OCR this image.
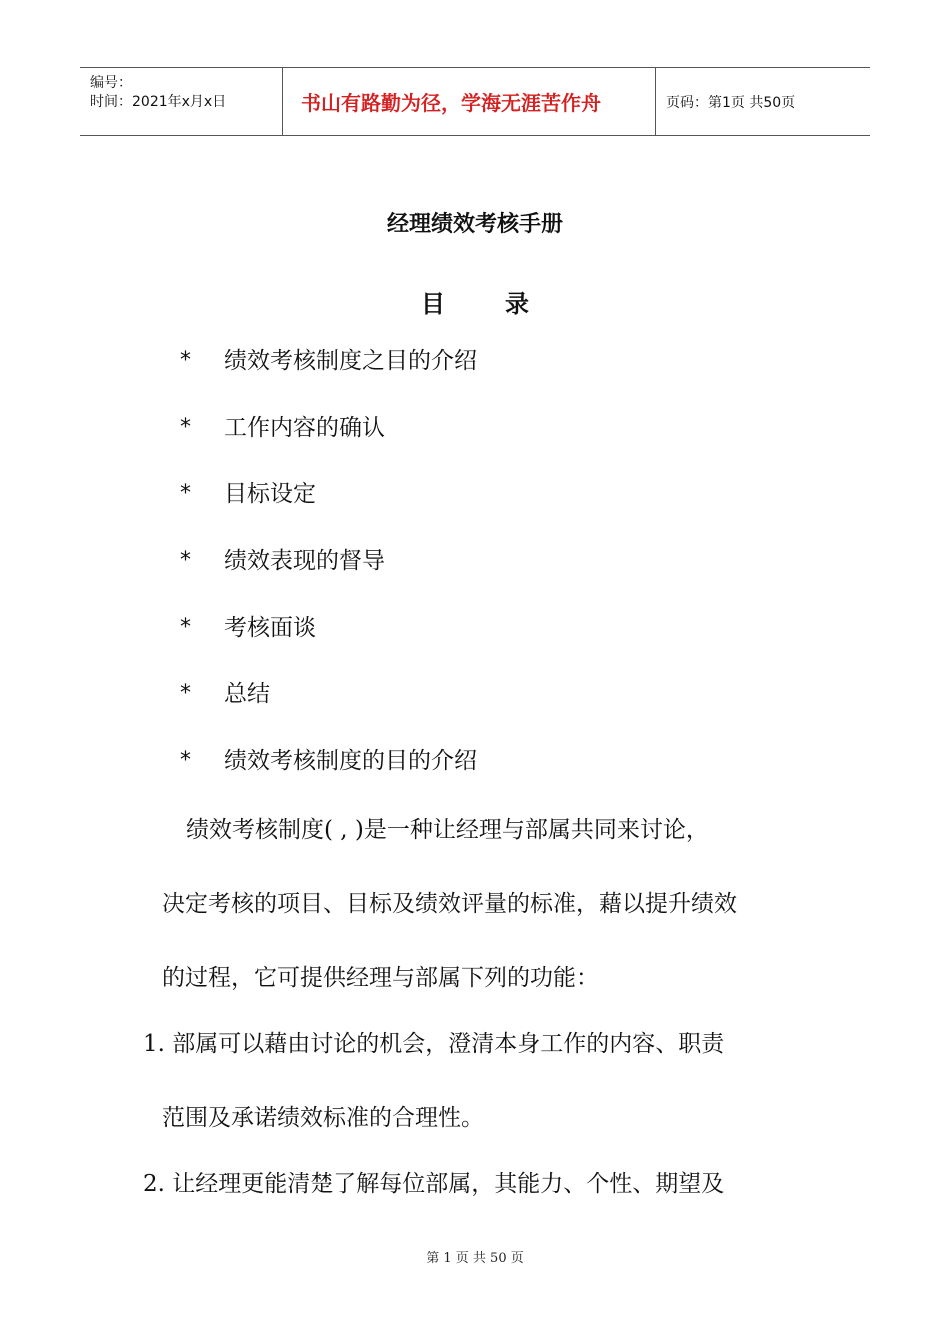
编号：
时间：2021年x月x日	书山有路勤为径，学海无涯苦作舟	页码：第1页 共50页
经理绩效考核手册
目	录
*	绩效考核制度之目的介绍
*	工作内容的确认
*	目标设定
*	绩效表现的督导
*	考核面谈
*	总结
*	绩效考核制度的目的介绍
绩效考核制度( , )是一种让经理与部属共同来讨论，
决定考核的项目、目标及绩效评量的标准，藉以提升绩效
的过程，它可提供经理与部属下列的功能：
1. 部属可以藉由讨论的机会，澄清本身工作的内容、职责
范围及承诺绩效标准的合理性。
2. 让经理更能清楚了解每位部属，其能力、个性、期望及
第 1 页 共 50 页
